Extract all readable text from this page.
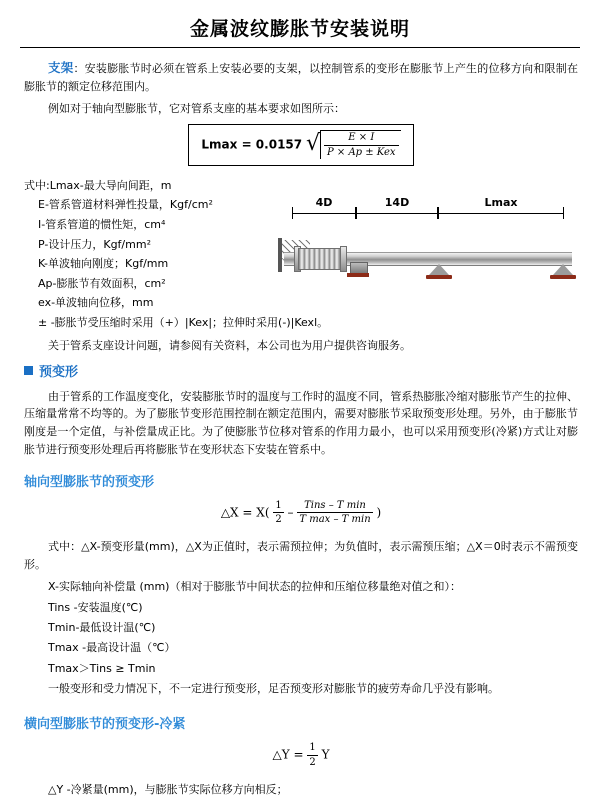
金属波纹膨胀节安装说明

支架：安装膨胀节时必须在管系上安装必要的支架，以控制管系的变形在膨胀节上产生的位移方向和限制在膨胀节的额定位移范围内。

例如对于轴向型膨胀节，它对管系支座的基本要求如图所示：

Lmax = 0.0157 √ $\frac{E \times I}{\text{P × Ap ± Kex}}$
式中:Lmax-最大导向间距，m
E-管系管道材料弹性投量，Kgf/cm²
I-管系管道的惯性矩，cm⁴
P-设计压力，Kgf/mm²
K-单波轴向刚度；Kgf/mm
Ap-膨胀节有效面积，cm²
ex-单波轴向位移，mm
± -膨胀节受压缩时采用（+）|Kex|；拉伸时采用(-)|Kexl。
4D	14D	Lmax

关于管系支座设计问题，请参阅有关资料，本公司也为用户提供咨询服务。

预变形

由于管系的工作温度变化，安装膨胀节时的温度与工作时的温度不同，管系热膨胀冷缩对膨胀节产生的拉伸、压缩量常常不均等的。为了膨胀节变形范围控制在额定范围内，需要对膨胀节采取预变形处理。另外，由于膨胀节刚度是一个定值，与补偿量成正比。为了使膨胀节位移对管系的作用力最小，也可以采用预变形(冷紧)方式让对膨胀节进行预变形处理后再将膨胀节在变形状态下安装在管系中。

轴向型膨胀节的预变形
△X = $X( \frac{1}{2} - \frac{\text{Tins – T min}}{\text{T max – T min}}$ )

式中：△X-预变形量(mm)，△X为正值时，表示需预拉伸；为负值时，表示需预压缩；△X＝0时表示不需预变形。

X-实际轴向补偿量 (mm)（相对于膨胀节中间状态的拉伸和压缩位移量绝对值之和）：
Tins -安装温度(℃)
Tmin-最低设计温(℃)
Tmax -最高设计温（℃）
Tmax＞Tins ≥ Tmin
一般变形和受力情况下，不一定进行预变形，足否预变形对膨胀节的疲劳寿命几乎没有影响。
横向型膨胀节的预变形-冷紧
△Y = $\frac{1}{2}$ Y
△Y -冷紧量(mm)，与膨胀节实际位移方向相反；
